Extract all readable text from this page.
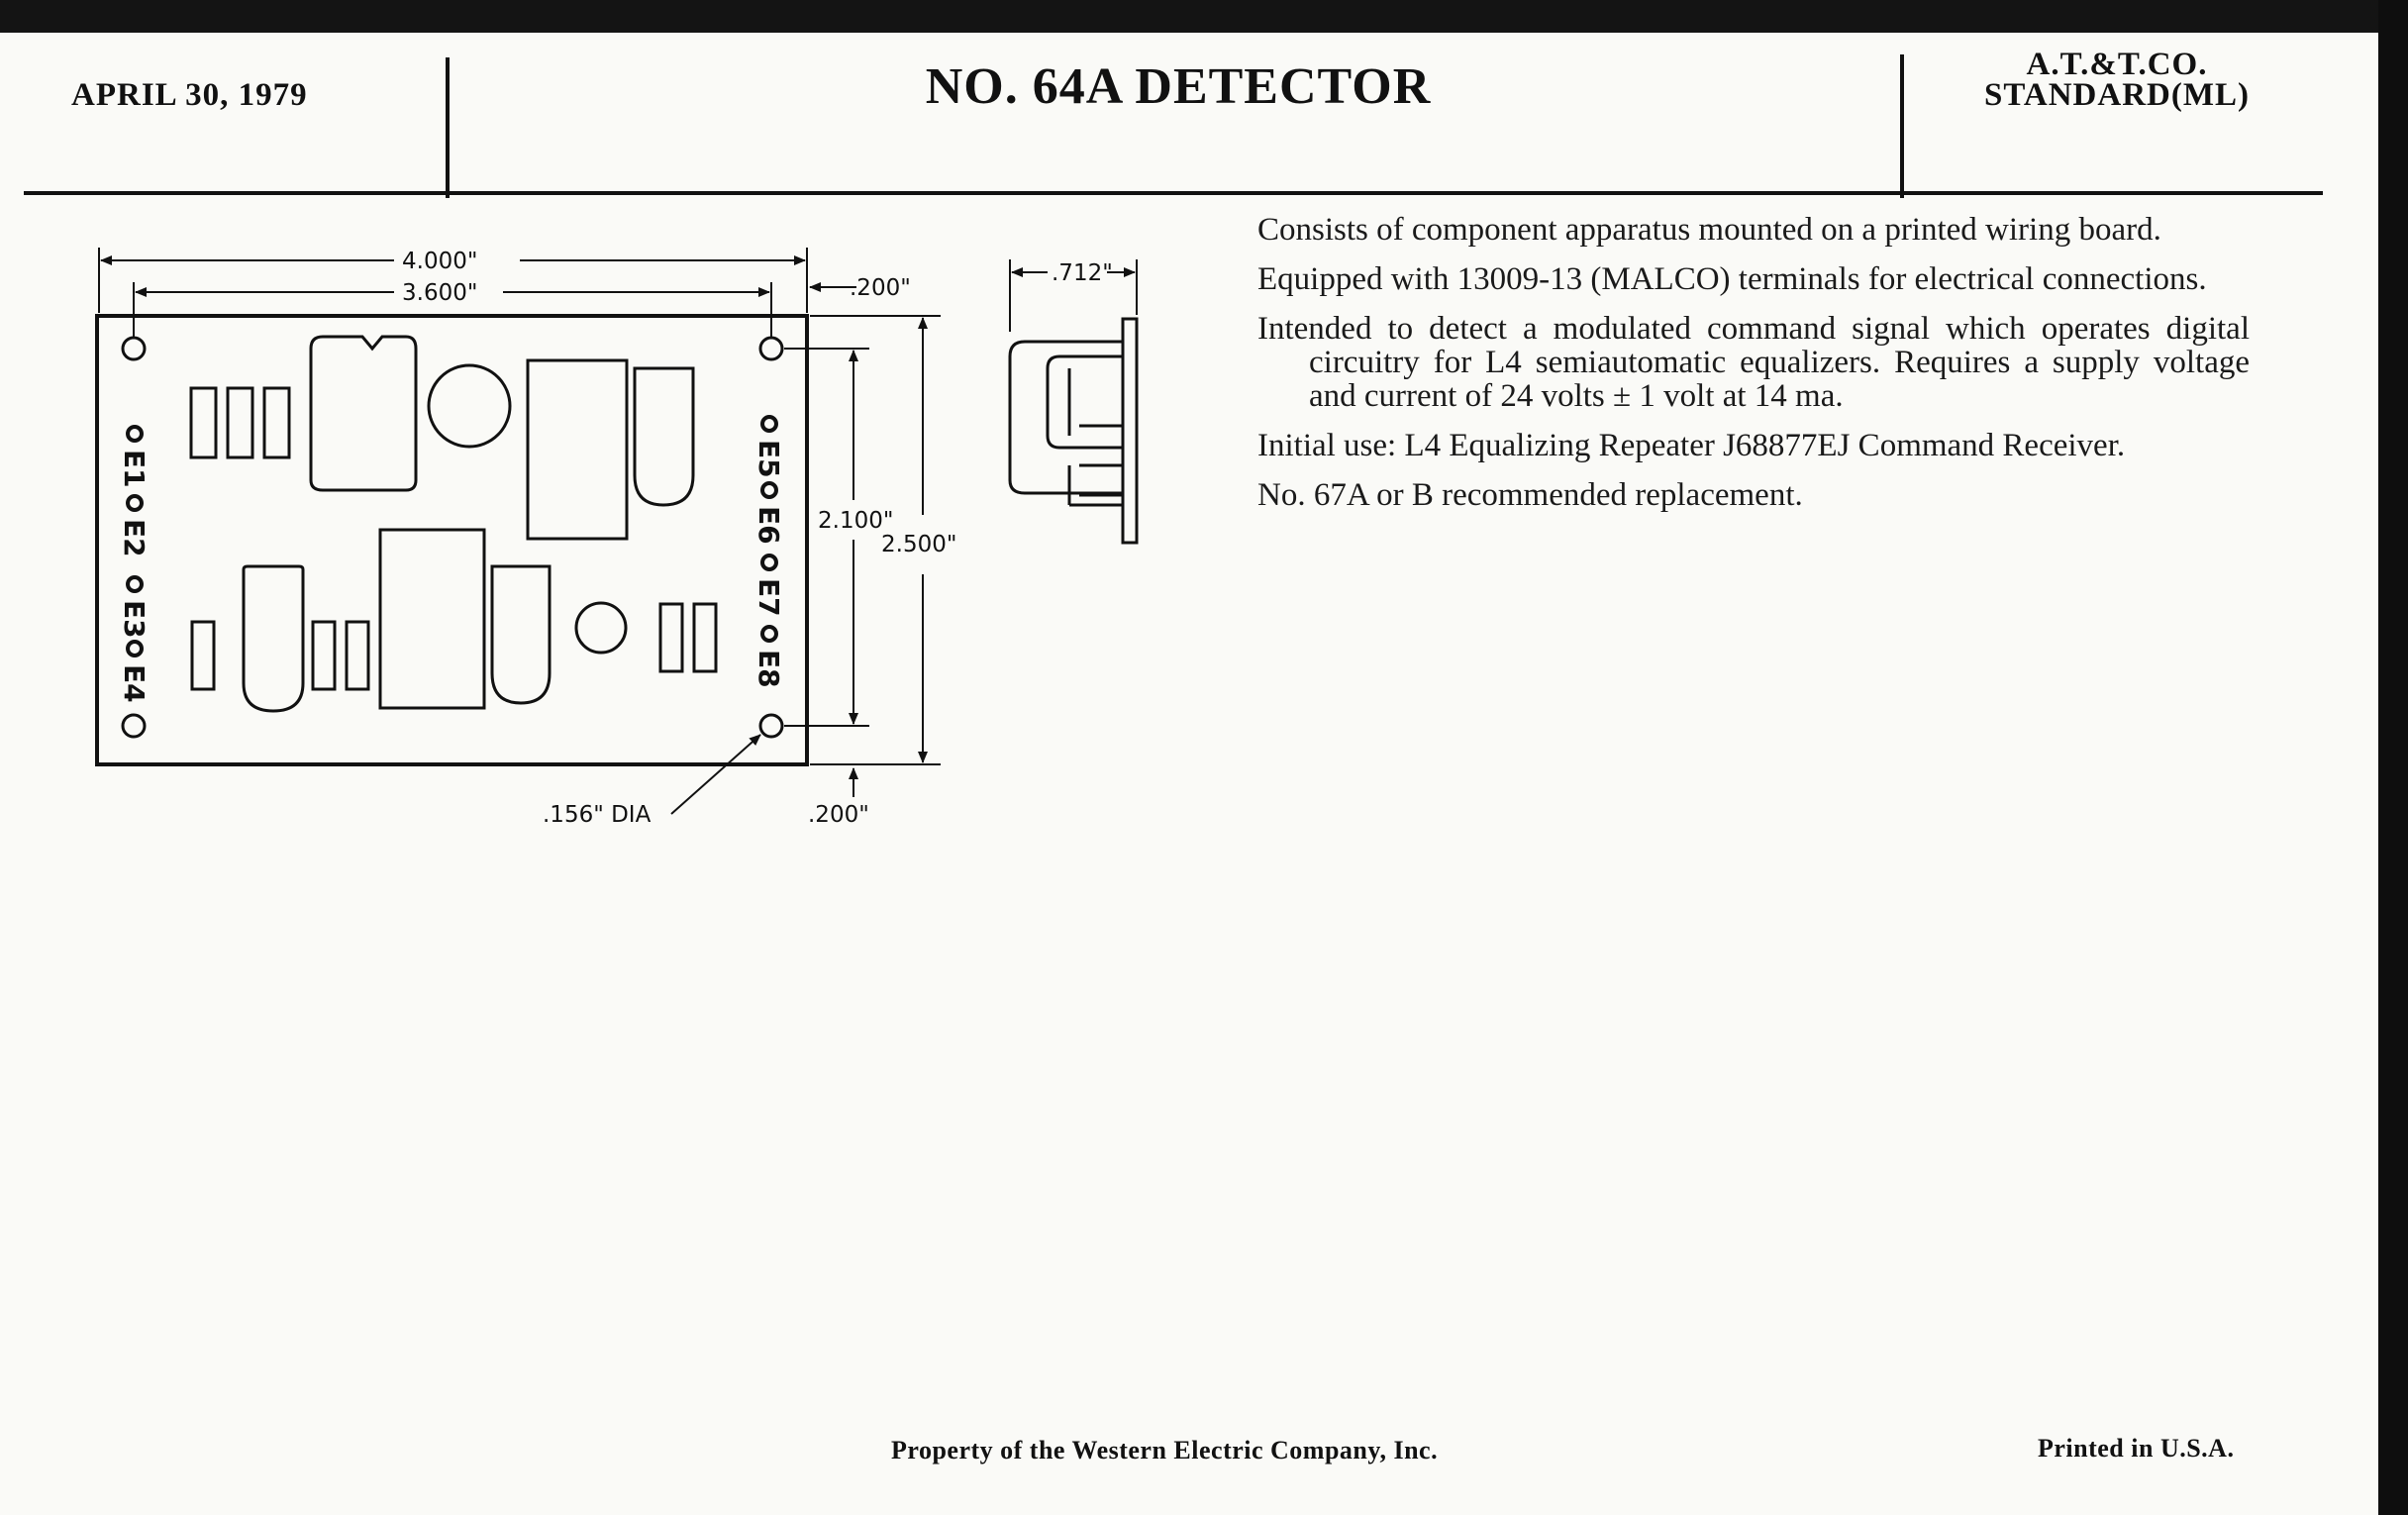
APRIL 30, 1979	NO. 64A DETECTOR	A.T.&T.CO.
STANDARD(ML)
E1
E2
E3
E4
E5
E6
E7
E8
4.000"
3.600"	.200"
.712"
2.100"
2.500"
.200"
.156" DIA

Consists of component apparatus mounted on a printed wiring board.

Equipped with 13009-13 (MALCO) terminals for electrical connections.

Intended to detect a modulated command signal which operates digital circuitry for L4 semiautomatic equalizers. Requires a supply voltage and current of 24 volts ± 1 volt at 14 ma.

Initial use: L4 Equalizing Repeater J68877EJ Command Receiver.

No. 67A or B recommended replacement.

Property of the Western Electric Company, Inc.	Printed in U.S.A.
